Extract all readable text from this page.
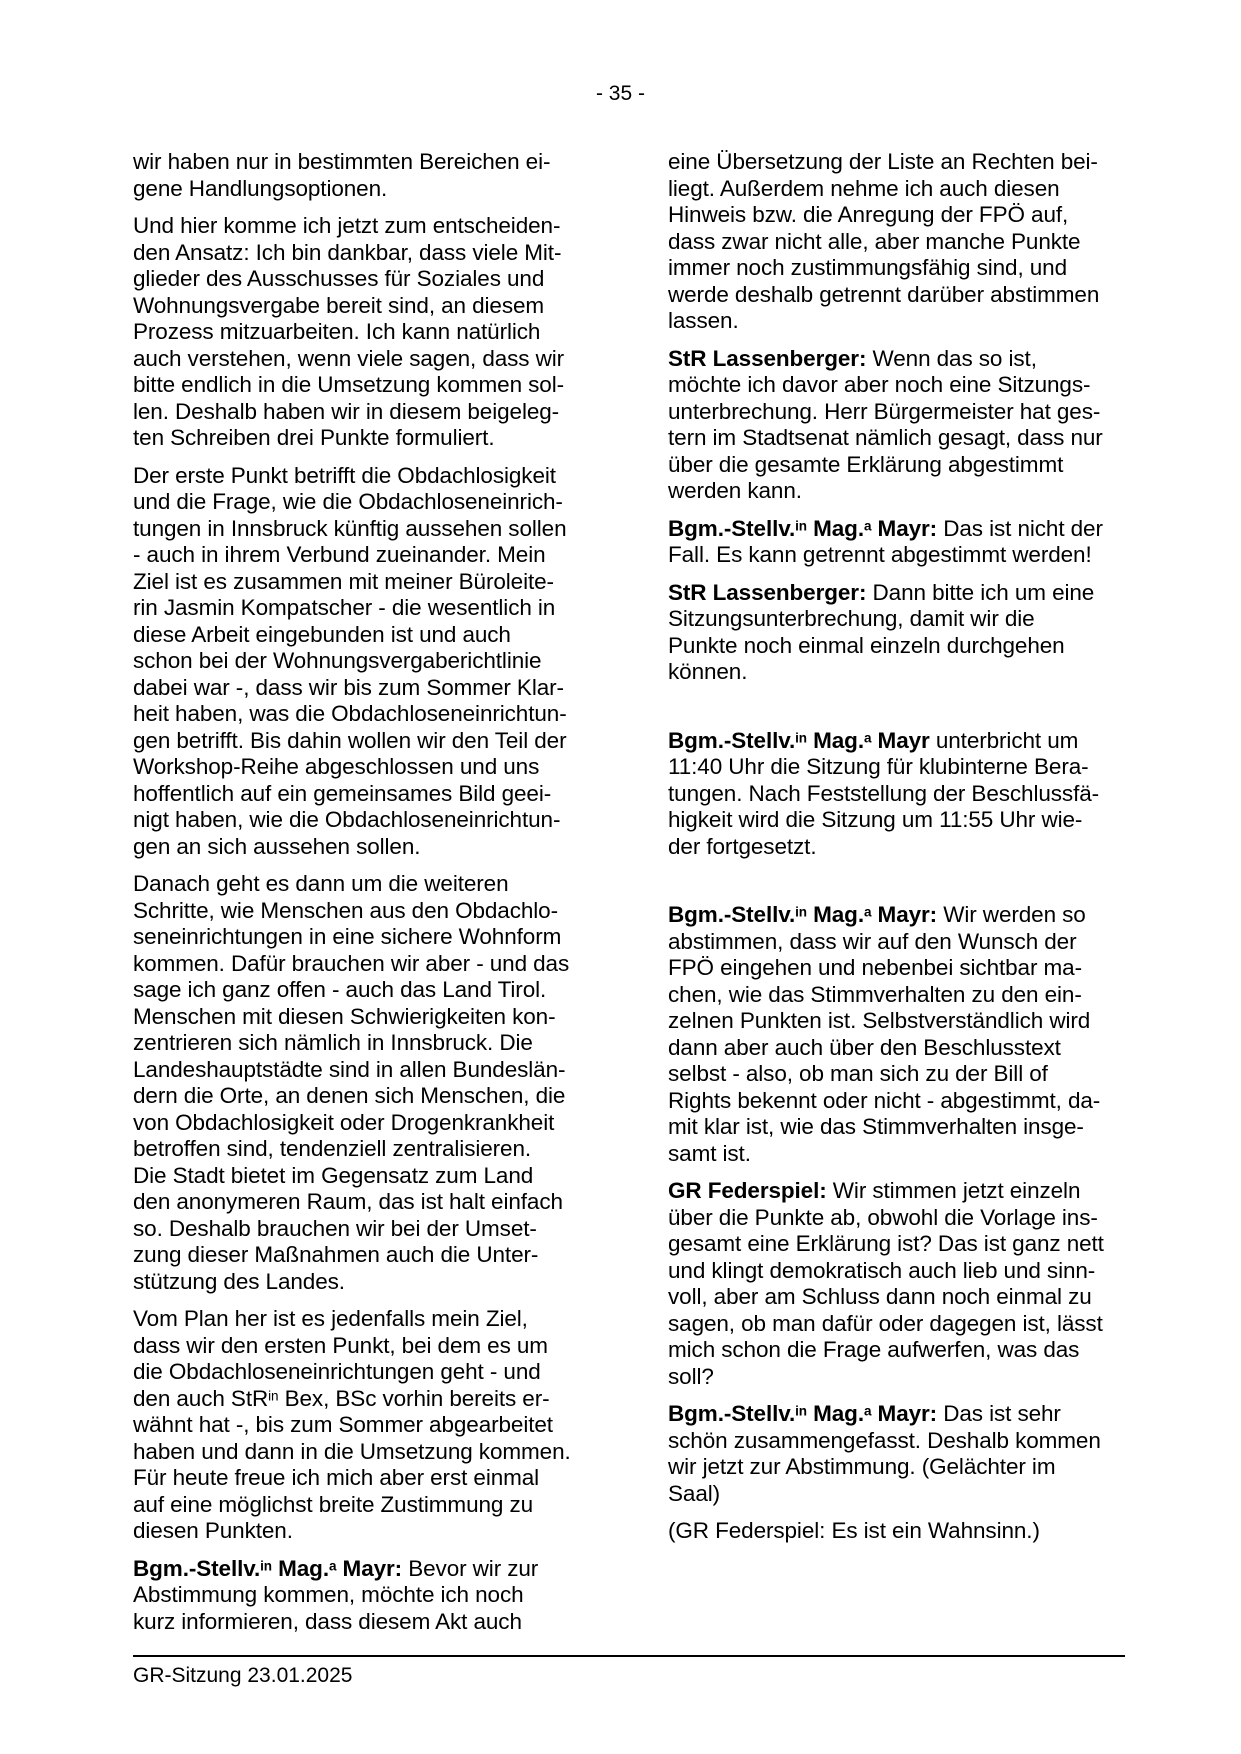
- 35 -

wir haben nur in bestimmten Bereichen ei-
gene Handlungsoptionen.

Und hier komme ich jetzt zum entscheiden-
den Ansatz: Ich bin dankbar, dass viele Mit-
glieder des Ausschusses für Soziales und
Wohnungsvergabe bereit sind, an diesem
Prozess mitzuarbeiten. Ich kann natürlich
auch verstehen, wenn viele sagen, dass wir
bitte endlich in die Umsetzung kommen sol-
len. Deshalb haben wir in diesem beigeleg-
ten Schreiben drei Punkte formuliert.

Der erste Punkt betrifft die Obdachlosigkeit
und die Frage, wie die Obdachloseneinrich-
tungen in Innsbruck künftig aussehen sollen
- auch in ihrem Verbund zueinander. Mein
Ziel ist es zusammen mit meiner Büroleite-
rin Jasmin Kompatscher - die wesentlich in
diese Arbeit eingebunden ist und auch
schon bei der Wohnungsvergaberichtlinie
dabei war -, dass wir bis zum Sommer Klar-
heit haben, was die Obdachloseneinrichtun-
gen betrifft. Bis dahin wollen wir den Teil der
Workshop-Reihe abgeschlossen und uns
hoffentlich auf ein gemeinsames Bild geei-
nigt haben, wie die Obdachloseneinrichtun-
gen an sich aussehen sollen.

Danach geht es dann um die weiteren
Schritte, wie Menschen aus den Obdachlo-
seneinrichtungen in eine sichere Wohnform
kommen. Dafür brauchen wir aber - und das
sage ich ganz offen - auch das Land Tirol.
Menschen mit diesen Schwierigkeiten kon-
zentrieren sich nämlich in Innsbruck. Die
Landeshauptstädte sind in allen Bundeslän-
dern die Orte, an denen sich Menschen, die
von Obdachlosigkeit oder Drogenkrankheit
betroffen sind, tendenziell zentralisieren.
Die Stadt bietet im Gegensatz zum Land
den anonymeren Raum, das ist halt einfach
so. Deshalb brauchen wir bei der Umset-
zung dieser Maßnahmen auch die Unter-
stützung des Landes.

Vom Plan her ist es jedenfalls mein Ziel,
dass wir den ersten Punkt, bei dem es um
die Obdachloseneinrichtungen geht - und
den auch StR$^{in}$ Bex, BSc vorhin bereits er-
wähnt hat -, bis zum Sommer abgearbeitet
haben und dann in die Umsetzung kommen.
Für heute freue ich mich aber erst einmal
auf eine möglichst breite Zustimmung zu
diesen Punkten.

Bgm.-Stellv.$^{in}$ Mag.$^a$ Mayr: Bevor wir zur
Abstimmung kommen, möchte ich noch
kurz informieren, dass diesem Akt auch

eine Übersetzung der Liste an Rechten bei-
liegt. Außerdem nehme ich auch diesen
Hinweis bzw. die Anregung der FPÖ auf,
dass zwar nicht alle, aber manche Punkte
immer noch zustimmungsfähig sind, und
werde deshalb getrennt darüber abstimmen
lassen.

StR Lassenberger: Wenn das so ist,
möchte ich davor aber noch eine Sitzungs-
unterbrechung. Herr Bürgermeister hat ges-
tern im Stadtsenat nämlich gesagt, dass nur
über die gesamte Erklärung abgestimmt
werden kann.

Bgm.-Stellv.$^{in}$ Mag.$^a$ Mayr: Das ist nicht der
Fall. Es kann getrennt abgestimmt werden!

StR Lassenberger: Dann bitte ich um eine
Sitzungsunterbrechung, damit wir die
Punkte noch einmal einzeln durchgehen
können.

Bgm.-Stellv.$^{in}$ Mag.$^a$ Mayr unterbricht um
11:40 Uhr die Sitzung für klubinterne Bera-
tungen. Nach Feststellung der Beschlussfä-
higkeit wird die Sitzung um 11:55 Uhr wie-
der fortgesetzt.

Bgm.-Stellv.$^{in}$ Mag.$^a$ Mayr: Wir werden so
abstimmen, dass wir auf den Wunsch der
FPÖ eingehen und nebenbei sichtbar ma-
chen, wie das Stimmverhalten zu den ein-
zelnen Punkten ist. Selbstverständlich wird
dann aber auch über den Beschlusstext
selbst - also, ob man sich zu der Bill of
Rights bekennt oder nicht - abgestimmt, da-
mit klar ist, wie das Stimmverhalten insge-
samt ist.

GR Federspiel: Wir stimmen jetzt einzeln
über die Punkte ab, obwohl die Vorlage ins-
gesamt eine Erklärung ist? Das ist ganz nett
und klingt demokratisch auch lieb und sinn-
voll, aber am Schluss dann noch einmal zu
sagen, ob man dafür oder dagegen ist, lässt
mich schon die Frage aufwerfen, was das
soll?

Bgm.-Stellv.$^{in}$ Mag.$^a$ Mayr: Das ist sehr
schön zusammengefasst. Deshalb kommen
wir jetzt zur Abstimmung. (Gelächter im
Saal)

(GR Federspiel: Es ist ein Wahnsinn.)

GR-Sitzung 23.01.2025
